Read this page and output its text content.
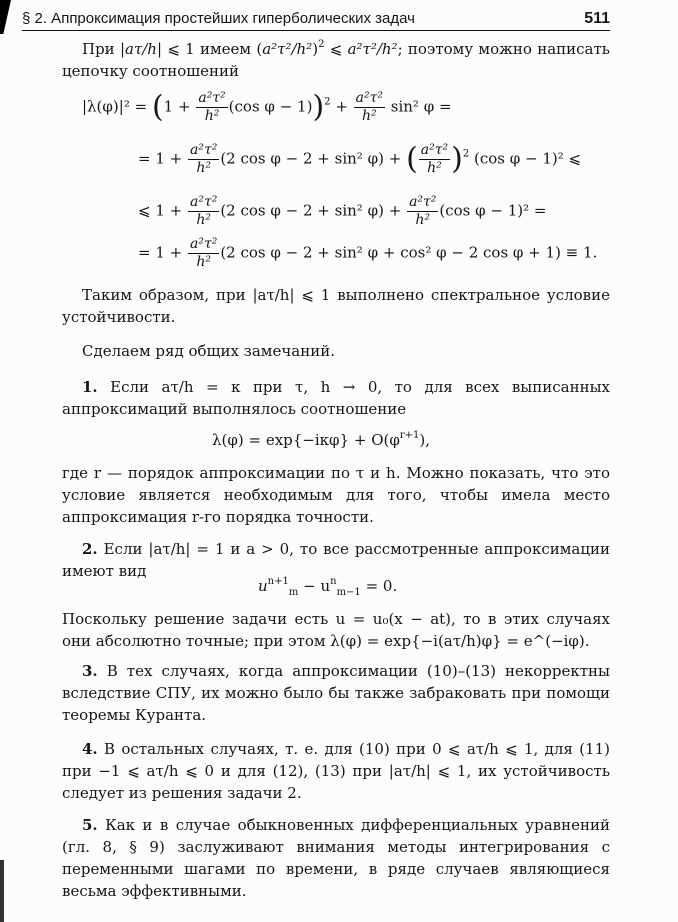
§ 2. Аппроксимация простейших гиперболических задач	511
При |aτ/h| ⩽ 1 имеем $(a^2\tau^2/h^2)^2$ ⩽ a²τ²/h²; поэтому можно написать цепочку соотношений
$|\lambda(\varphi)|^2 = (1 + \frac{\text{a²τ²}}{\text{h²}} (\cos$ $\varphi - 1))^2 + \frac{\text{a²τ²}}{\text{h²}} \sin^2$ φ =
= $1 + \frac{\text{a²τ²}}{\text{h²}} (2$ cos φ − 2 + sin² φ) + ( $\frac{\text{a²τ²}}{\text{h²}} )^2$ (cos φ − 1)² ⩽
⩽ $1 + \frac{\text{a²τ²}}{\text{h²}} (2$ cos φ − 2 + sin² $\varphi) + \frac{\text{a²τ²}}{\text{h²}} (\cos$ φ − 1)² =
= $1 + \frac{\text{a²τ²}}{\text{h²}} (2$ cos φ − 2 + sin² φ + cos² φ − 2 cos φ + 1) ≡ 1.
Таким образом, при |aτ/h| ⩽ 1 выполнено спектральное условие устойчивости.
Сделаем ряд общих замечаний.
1. Если aτ/h = κ при τ, h → 0, то для всех выписанных аппроксимаций выполнялось соотношение
$\lambda(\varphi) = \exp\{-i\kappa\varphi\} + O(\varphi^{r+1})$,
где r — порядок аппроксимации по τ и h. Можно показать, что это условие является необходимым для того, чтобы имела место аппроксимация r-го порядка точности.
2. Если |aτ/h| = 1 и a > 0, то все рассмотренные аппроксимации имеют вид
$u^{n+1}_m - u^n_{m-1} = 0$.
Поскольку решение задачи есть u = u₀(x − at), то в этих случаях они абсолютно точные; при этом λ(φ) = exp{−i(aτ/h)φ} = e^(−iφ).
3. В тех случаях, когда аппроксимации (10)–(13) некорректны вследствие СПУ, их можно было бы также забраковать при помощи теоремы Куранта.
4. В остальных случаях, т. е. для (10) при 0 ⩽ aτ/h ⩽ 1, для (11) при −1 ⩽ aτ/h ⩽ 0 и для (12), (13) при |aτ/h| ⩽ 1, их устойчивость следует из решения задачи 2.
5. Как и в случае обыкновенных дифференциальных уравнений (гл. 8, § 9) заслуживают внимания методы интегрирования с переменными шагами по времени, в ряде случаев являющиеся весьма эффективными.
